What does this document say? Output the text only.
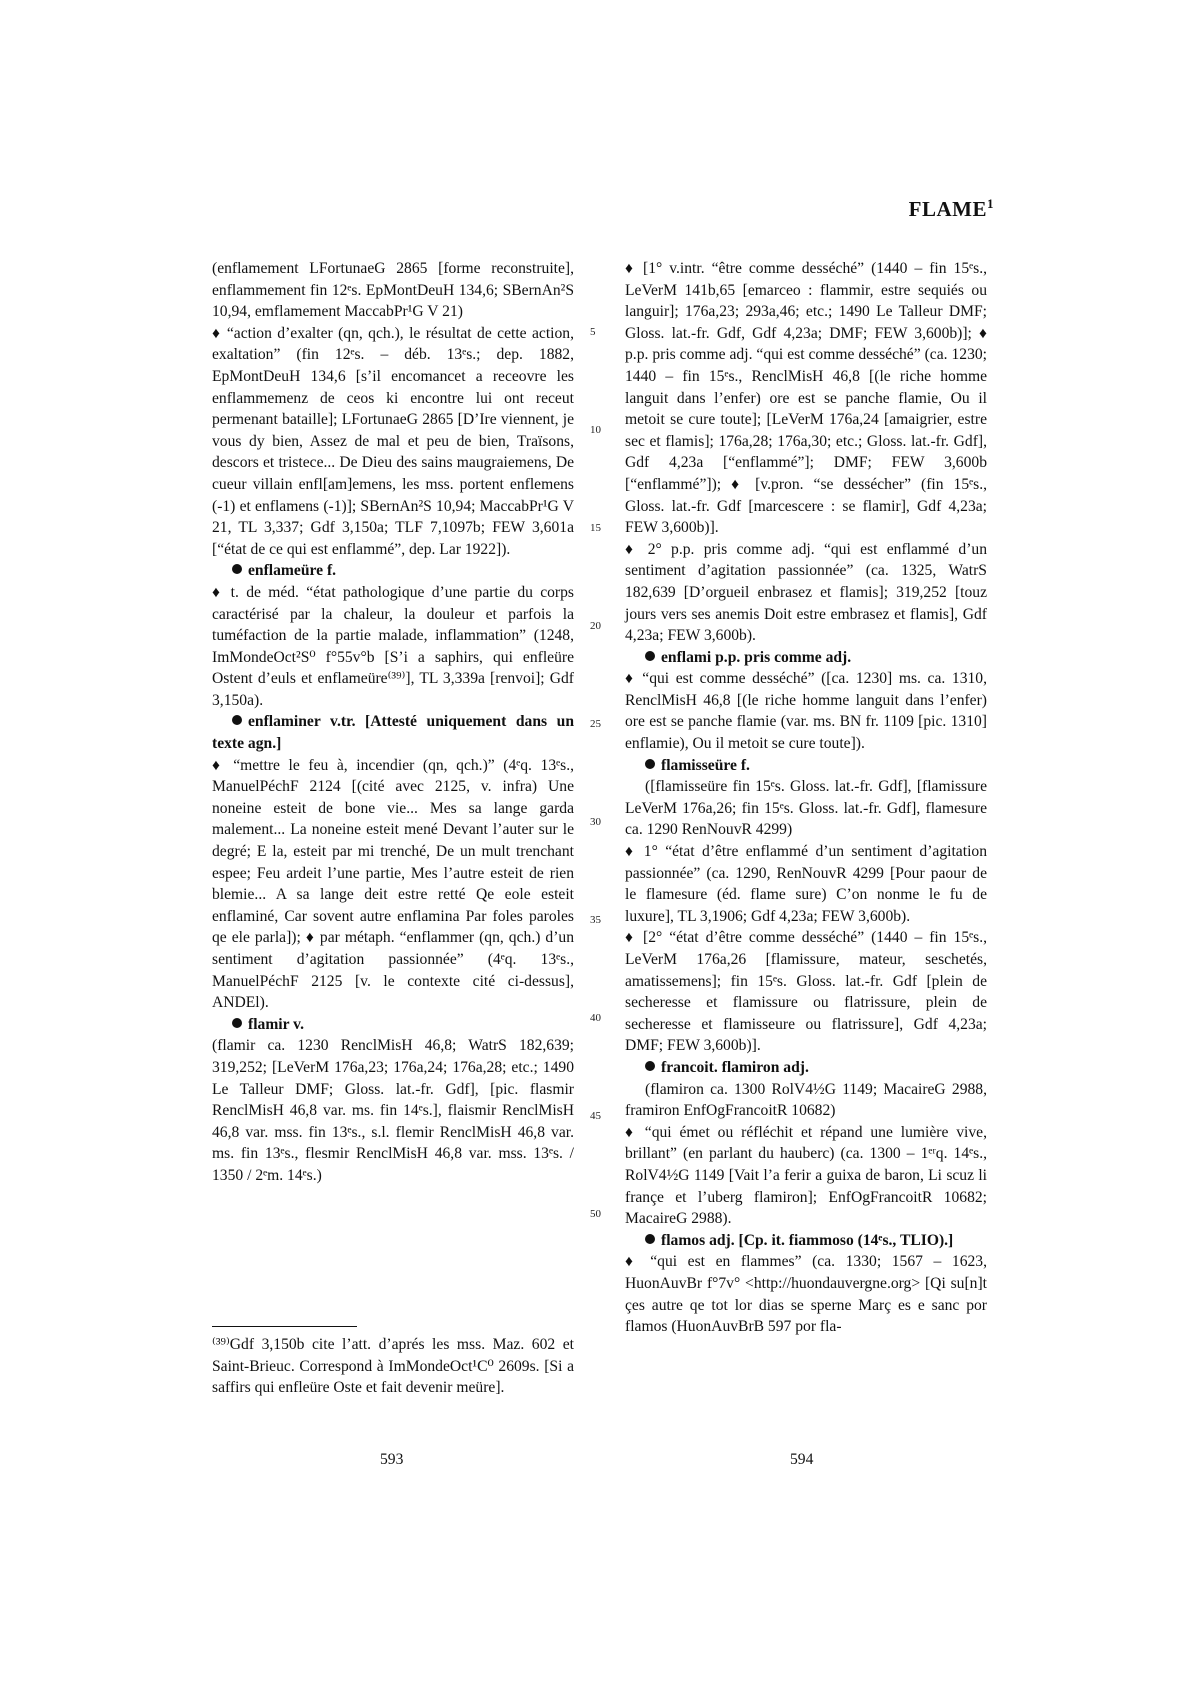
FLAME$^1$

(enflamement LFortunaeG 2865 [forme reconstruite], enflammement fin 12ᵉs. EpMontDeuH 134,6; SBernAn²S 10,94, emflamement MaccabPr¹G V 21)

♦ “action d’exalter (qn, qch.), le résultat de cette action, exaltation” (fin 12ᵉs. – déb. 13ᵉs.; dep. 1882, EpMontDeuH 134,6 [s’il encomancet a receovre les enflammemenz de ceos ki encontre lui ont receut permenant bataille]; LFortunaeG 2865 [D’Ire viennent, je vous dy bien, Assez de mal et peu de bien, Traïsons, descors et tristece... De Dieu des sains maugraiemens, De cueur villain enfl[am]emens, les mss. portent enflemens (-1) et enflamens (-1)]; SBernAn²S 10,94; MaccabPr¹G V 21, TL 3,337; Gdf 3,150a; TLF 7,1097b; FEW 3,601a [“état de ce qui est enflammé”, dep. Lar 1922]).

enflameüre f.

♦ t. de méd. “état pathologique d’une partie du corps caractérisé par la chaleur, la douleur et parfois la tuméfaction de la partie malade, inflammation” (1248, ImMondeOct²S⁰ f°55v°b [S’i a saphirs, qui enfleüre Ostent d’euls et enflameüre⁽³⁹⁾], TL 3,339a [renvoi]; Gdf 3,150a).

enflaminer v.tr. [Attesté uniquement dans un texte agn.]

♦ “mettre le feu à, incendier (qn, qch.)” (4ᵉq. 13ᵉs., ManuelPéchF 2124 [(cité avec 2125, v. infra) Une noneine esteit de bone vie... Mes sa lange garda malement... La noneine esteit mené Devant l’auter sur le degré; E la, esteit par mi trenché, De un mult trenchant espee; Feu ardeit l’une partie, Mes l’autre esteit de rien blemie... A sa lange deit estre retté Qe eole esteit enflaminé, Car sovent autre enflamina Par foles paroles qe ele parla]); ♦ par métaph. “enflammer (qn, qch.) d’un sentiment d’agitation passionnée” (4ᵉq. 13ᵉs., ManuelPéchF 2125 [v. le contexte cité ci-dessus], ANDEl).

flamir v.

(flamir ca. 1230 RenclMisH 46,8; WatrS 182,639; 319,252; [LeVerM 176a,23; 176a,24; 176a,28; etc.; 1490 Le Talleur DMF; Gloss. lat.-fr. Gdf], [pic. flasmir RenclMisH 46,8 var. ms. fin 14ᵉs.], flaismir RenclMisH 46,8 var. mss. fin 13ᵉs., s.l. flemir RenclMisH 46,8 var. ms. fin 13ᵉs., flesmir RenclMisH 46,8 var. mss. 13ᵉs. / 1350 / 2ᵉm. 14ᵉs.)

5
10
15
20
25
30
35
40
45
50

♦ [1° v.intr. “être comme desséché” (1440 – fin 15ᵉs., LeVerM 141b,65 [emarceo : flammir, estre sequiés ou languir]; 176a,23; 293a,46; etc.; 1490 Le Talleur DMF; Gloss. lat.-fr. Gdf, Gdf 4,23a; DMF; FEW 3,600b)]; ♦ p.p. pris comme adj. “qui est comme desséché” (ca. 1230; 1440 – fin 15ᵉs., RenclMisH 46,8 [(le riche homme languit dans l’enfer) ore est se panche flamie, Ou il metoit se cure toute]; [LeVerM 176a,24 [amaigrier, estre sec et flamis]; 176a,28; 176a,30; etc.; Gloss. lat.-fr. Gdf], Gdf 4,23a [“enflammé”]; DMF; FEW 3,600b [“enflammé”]); ♦ [v.pron. “se dessécher” (fin 15ᵉs., Gloss. lat.-fr. Gdf [marcescere : se flamir], Gdf 4,23a; FEW 3,600b)].

♦ 2° p.p. pris comme adj. “qui est enflammé d’un sentiment d’agitation passionnée” (ca. 1325, WatrS 182,639 [D’orgueil enbrasez et flamis]; 319,252 [touz jours vers ses anemis Doit estre embrasez et flamis], Gdf 4,23a; FEW 3,600b).

enflami p.p. pris comme adj.

♦ “qui est comme desséché” ([ca. 1230] ms. ca. 1310, RenclMisH 46,8 [(le riche homme languit dans l’enfer) ore est se panche flamie (var. ms. BN fr. 1109 [pic. 1310] enflamie), Ou il metoit se cure toute]).

flamisseüre f.

([flamisseüre fin 15ᵉs. Gloss. lat.-fr. Gdf], [flamissure LeVerM 176a,26; fin 15ᵉs. Gloss. lat.-fr. Gdf], flamesure ca. 1290 RenNouvR 4299)

♦ 1° “état d’être enflammé d’un sentiment d’agitation passionnée” (ca. 1290, RenNouvR 4299 [Pour paour de le flamesure (éd. flame sure) C’on nonme le fu de luxure], TL 3,1906; Gdf 4,23a; FEW 3,600b).

♦ [2° “état d’être comme desséché” (1440 – fin 15ᵉs., LeVerM 176a,26 [flamissure, mateur, seschetés, amatissemens]; fin 15ᵉs. Gloss. lat.-fr. Gdf [plein de secheresse et flamissure ou flatrissure, plein de secheresse et flamisseure ou flatrissure], Gdf 4,23a; DMF; FEW 3,600b)].

francoit. flamiron adj.

(flamiron ca. 1300 RolV4½G 1149; MacaireG 2988, framiron EnfOgFrancoitR 10682)

♦ “qui émet ou réfléchit et répand une lumière vive, brillant” (en parlant du hauberc) (ca. 1300 – 1ᵉʳq. 14ᵉs., RolV4½G 1149 [Vait l’a ferir a guixa de baron, Li scuz li françe et l’uberg flamiron]; EnfOgFrancoitR 10682; MacaireG 2988).

flamos adj. [Cp. it. fiammoso (14ᵉs., TLIO).]

♦ “qui est en flammes” (ca. 1330; 1567 – 1623, HuonAuvBr f°7v° <http://huondauvergne.org> [Qi su[n]t çes autre qe tot lor dias se sperne Març es e sanc por flamos (HuonAuvBrB 597 por fla-

⁽³⁹⁾Gdf 3,150b cite l’att. d’aprés les mss. Maz. 602 et Saint-Brieuc. Correspond à ImMondeOct¹C⁰ 2609s. [Si a saffirs qui enfleüre Oste et fait devenir meüre].
593	594
